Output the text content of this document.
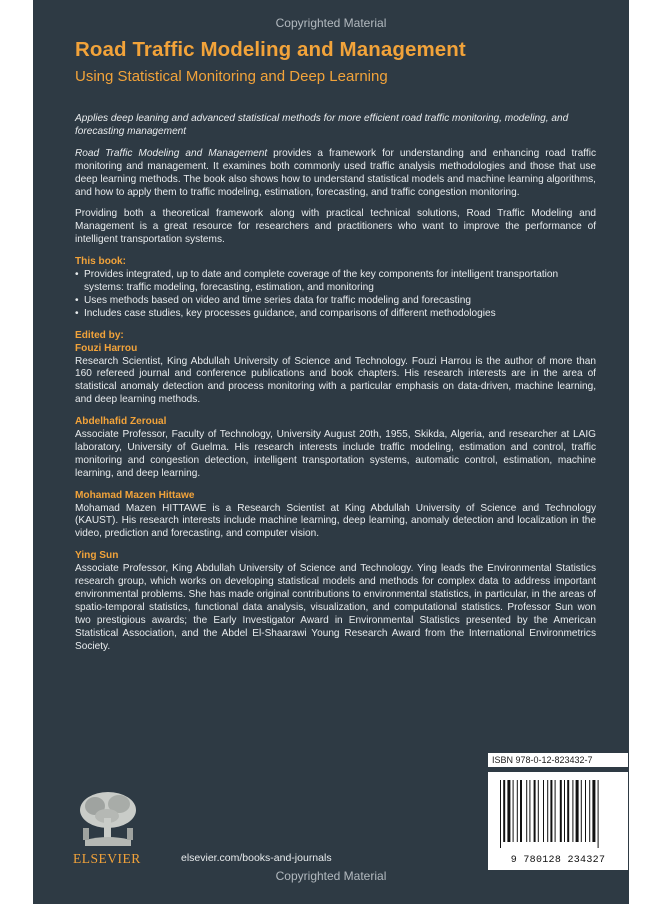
Copyrighted Material
Road Traffic Modeling and Management
Using Statistical Monitoring and Deep Learning

Applies deep leaning and advanced statistical methods for more efficient road traffic monitoring, modeling, and forecasting management

Road Traffic Modeling and Management provides a framework for understanding and enhancing road traffic monitoring and management. It examines both commonly used traffic analysis methodologies and those that use deep learning methods. The book also shows how to understand statistical models and machine learning algorithms, and how to apply them to traffic modeling, estimation, forecasting, and traffic congestion monitoring.

Providing both a theoretical framework along with practical technical solutions, Road Traffic Modeling and Management is a great resource for researchers and practitioners who want to improve the performance of intelligent transportation systems.

This book:
• Provides integrated, up to date and complete coverage of the key components for intelligent transportation systems: traffic modeling, forecasting, estimation, and monitoring
• Uses methods based on video and time series data for traffic modeling and forecasting
• Includes case studies, key processes guidance, and comparisons of different methodologies
Edited by:
Fouzi Harrou

Research Scientist, King Abdullah University of Science and Technology. Fouzi Harrou is the author of more than 160 refereed journal and conference publications and book chapters. His research interests are in the area of statistical anomaly detection and process monitoring with a particular emphasis on data-driven, machine learning, and deep learning methods.

Abdelhafid Zeroual

Associate Professor, Faculty of Technology, University August 20th, 1955, Skikda, Algeria, and researcher at LAIG laboratory, University of Guelma. His research interests include traffic modeling, estimation and control, traffic monitoring and congestion detection, intelligent transportation systems, automatic control, estimation, machine learning, and deep learning.

Mohamad Mazen Hittawe

Mohamad Mazen HITTAWE is a Research Scientist at King Abdullah University of Science and Technology (KAUST). His research interests include machine learning, deep learning, anomaly detection and localization in the video, prediction and forecasting, and computer vision.

Ying Sun

Associate Professor, King Abdullah University of Science and Technology. Ying leads the Environmental Statistics research group, which works on developing statistical models and methods for complex data to address important environmental problems. She has made original contributions to environmental statistics, in particular, in the areas of spatio-temporal statistics, functional data analysis, visualization, and computational statistics. Professor Sun won two prestigious awards; the Early Investigator Award in Environmental Statistics presented by the American Statistical Association, and the Abdel El-Shaarawi Young Research Award from the International Environmetrics Society.

ELSEVIER	elsevier.com/books-and-journals
ISBN 978-0-12-823432-7
9 780128 234327
Copyrighted Material
